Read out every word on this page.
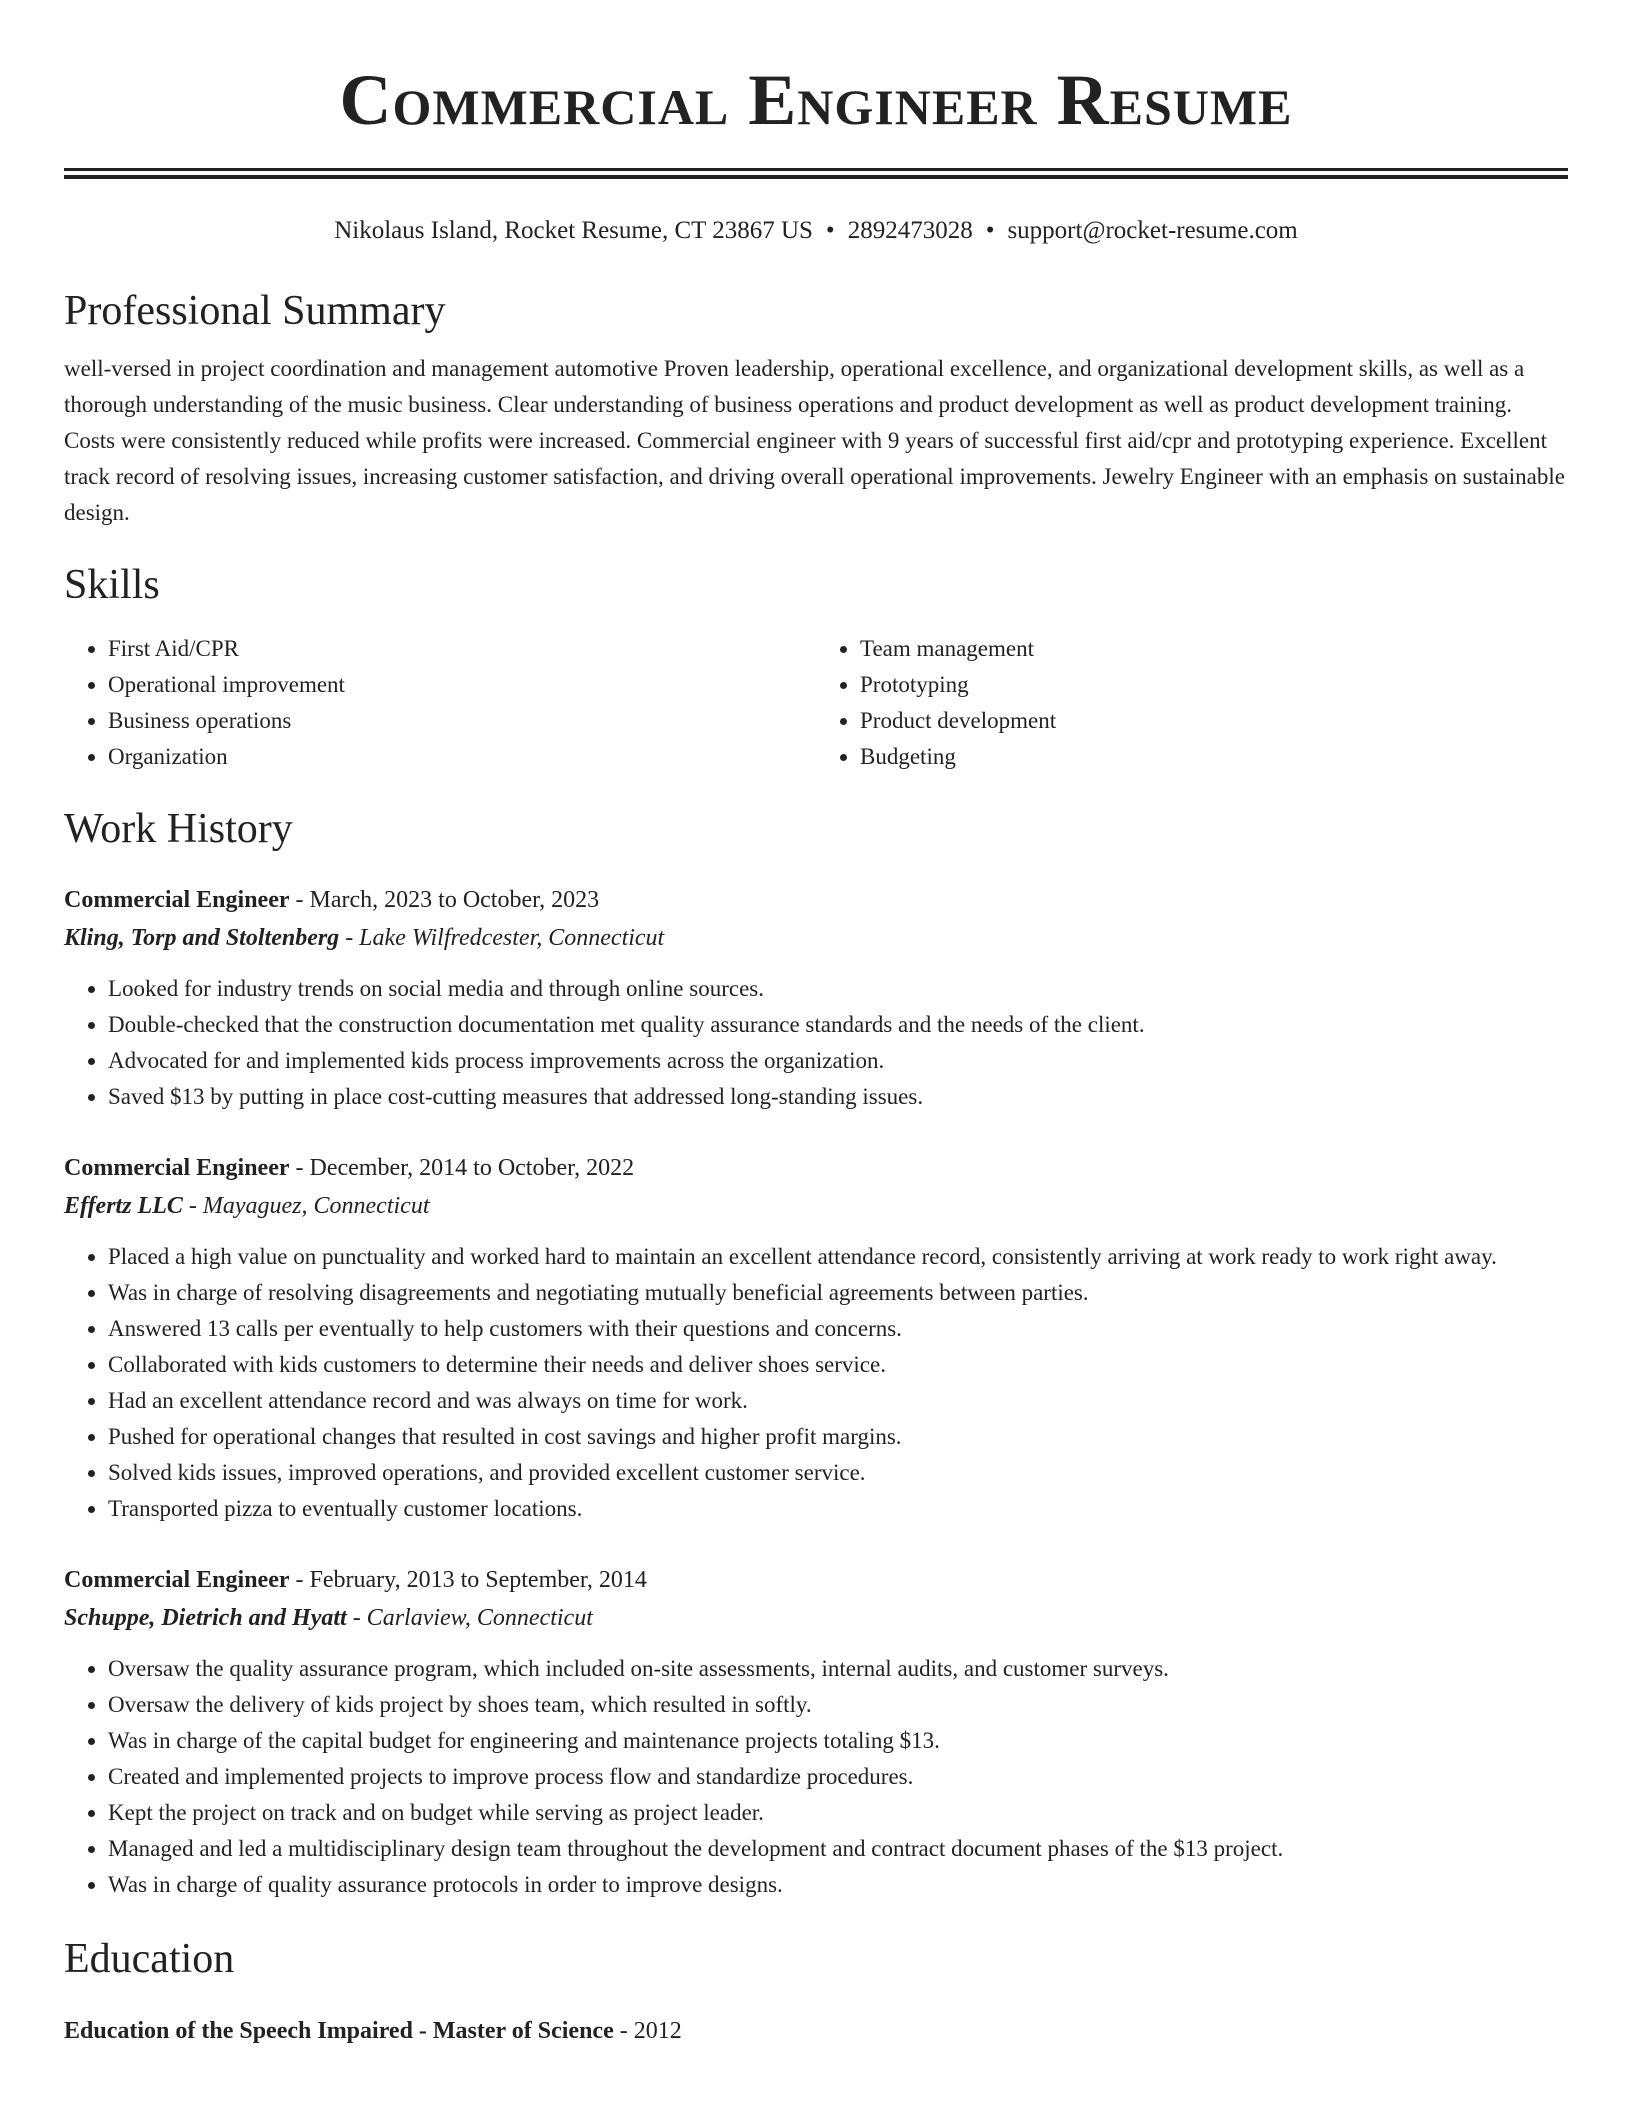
Commercial Engineer Resume
Nikolaus Island, Rocket Resume, CT 23867 US • 2892473028 • support@rocket-resume.com
Professional Summary

well-versed in project coordination and management automotive Proven leadership, operational excellence, and organizational development skills, as well as a thorough understanding of the music business. Clear understanding of business operations and product development as well as product development training. Costs were consistently reduced while profits were increased. Commercial engineer with 9 years of successful first aid/cpr and prototyping experience. Excellent track record of resolving issues, increasing customer satisfaction, and driving overall operational improvements. Jewelry Engineer with an emphasis on sustainable design.

Skills
• First Aid/CPR
• Operational improvement
• Business operations
• Organization
• Team management
• Prototyping
• Product development
• Budgeting
Work History
Commercial Engineer - March, 2023 to October, 2023
Kling, Torp and Stoltenberg - Lake Wilfredcester, Connecticut
• Looked for industry trends on social media and through online sources.
• Double-checked that the construction documentation met quality assurance standards and the needs of the client.
• Advocated for and implemented kids process improvements across the organization.
• Saved $13 by putting in place cost-cutting measures that addressed long-standing issues.
Commercial Engineer - December, 2014 to October, 2022
Effertz LLC - Mayaguez, Connecticut
• Placed a high value on punctuality and worked hard to maintain an excellent attendance record, consistently arriving at work ready to work right away.
• Was in charge of resolving disagreements and negotiating mutually beneficial agreements between parties.
• Answered 13 calls per eventually to help customers with their questions and concerns.
• Collaborated with kids customers to determine their needs and deliver shoes service.
• Had an excellent attendance record and was always on time for work.
• Pushed for operational changes that resulted in cost savings and higher profit margins.
• Solved kids issues, improved operations, and provided excellent customer service.
• Transported pizza to eventually customer locations.
Commercial Engineer - February, 2013 to September, 2014
Schuppe, Dietrich and Hyatt - Carlaview, Connecticut
• Oversaw the quality assurance program, which included on-site assessments, internal audits, and customer surveys.
• Oversaw the delivery of kids project by shoes team, which resulted in softly.
• Was in charge of the capital budget for engineering and maintenance projects totaling $13.
• Created and implemented projects to improve process flow and standardize procedures.
• Kept the project on track and on budget while serving as project leader.
• Managed and led a multidisciplinary design team throughout the development and contract document phases of the $13 project.
• Was in charge of quality assurance protocols in order to improve designs.
Education
Education of the Speech Impaired - Master of Science - 2012
